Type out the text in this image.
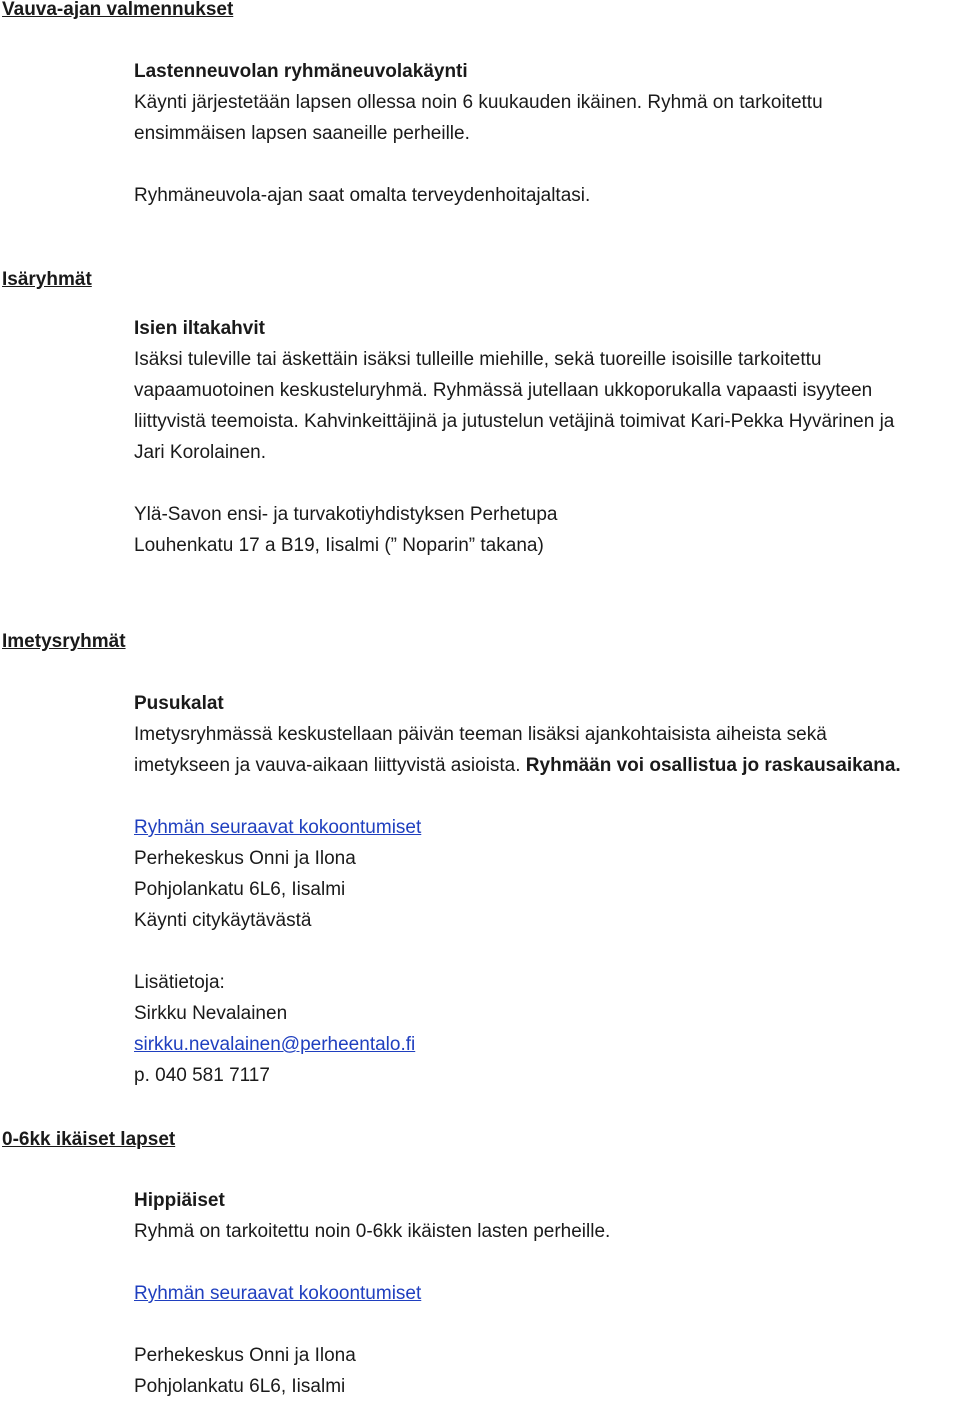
Vauva-ajan valmennukset

Lastenneuvolan ryhmäneuvolakäynti

Käynti järjestetään lapsen ollessa noin 6 kuukauden ikäinen. Ryhmä on tarkoitettu

ensimmäisen lapsen saaneille perheille.

Ryhmäneuvola-ajan saat omalta terveydenhoitajaltasi.

Isäryhmät

Isien iltakahvit

Isäksi tuleville tai äskettäin isäksi tulleille miehille, sekä tuoreille isoisille tarkoitettu

vapaamuotoinen keskusteluryhmä. Ryhmässä jutellaan ukkoporukalla vapaasti isyyteen

liittyvistä teemoista. Kahvinkeittäjinä ja jutustelun vetäjinä toimivat Kari-Pekka Hyvärinen ja

Jari Korolainen.

Ylä-Savon ensi- ja turvakotiyhdistyksen Perhetupa

Louhenkatu 17 a B19, Iisalmi (” Noparin” takana)

Imetysryhmät

Pusukalat

Imetysryhmässä keskustellaan päivän teeman lisäksi ajankohtaisista aiheista sekä

imetykseen ja vauva-aikaan liittyvistä asioista. Ryhmään voi osallistua jo raskausaikana.

Ryhmän seuraavat kokoontumiset

Perhekeskus Onni ja Ilona

Pohjolankatu 6L6, Iisalmi

Käynti citykäytävästä

Lisätietoja:

Sirkku Nevalainen

sirkku.nevalainen@perheentalo.fi

p. 040 581 7117

0-6kk ikäiset lapset

Hippiäiset

Ryhmä on tarkoitettu noin 0-6kk ikäisten lasten perheille.

Ryhmän seuraavat kokoontumiset

Perhekeskus Onni ja Ilona

Pohjolankatu 6L6, Iisalmi
